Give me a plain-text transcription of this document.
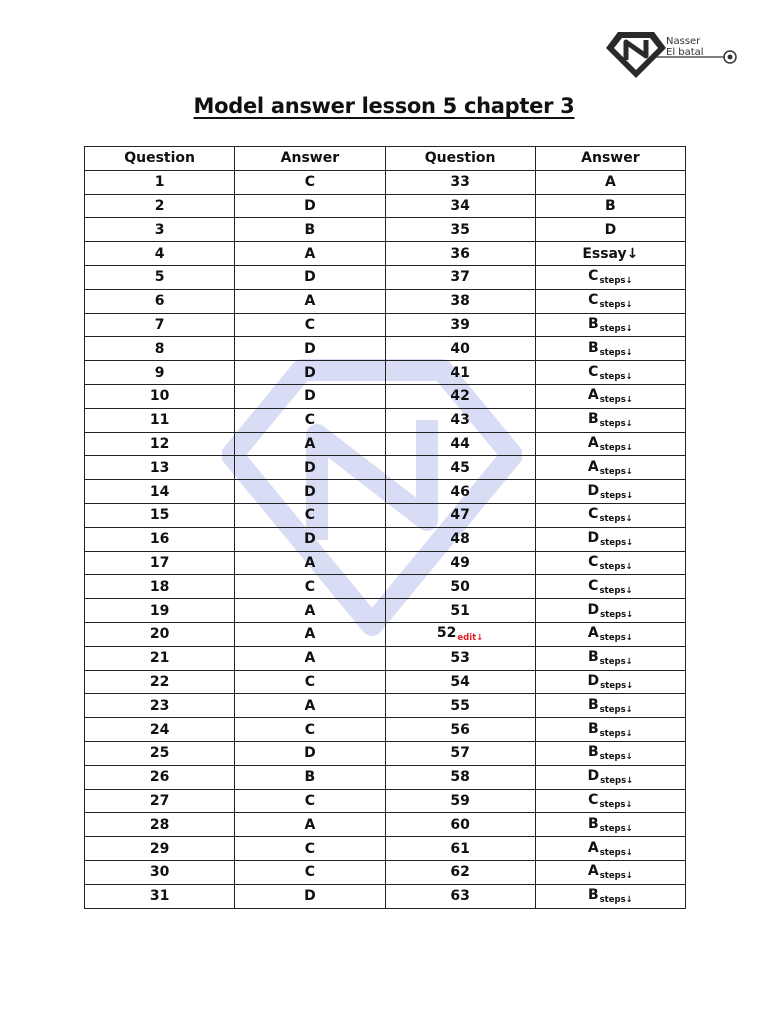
Nasser
El batal
Model answer lesson 5 chapter 3
Question	Answer	Question	Answer
1	C	33	A
2	D	34	B
3	B	35	D
4	A	36	Essay↓
5	D	37	$C_{steps↓}$
6	A	38	$C_{steps↓}$
7	C	39	$B_{steps↓}$
8	D	40	$B_{steps↓}$
9	D	41	$C_{steps↓}$
10	D	42	$A_{steps↓}$
11	C	43	$B_{steps↓}$
12	A	44	$A_{steps↓}$
13	D	45	$A_{steps↓}$
14	D	46	$D_{steps↓}$
15	C	47	$C_{steps↓}$
16	D	48	$D_{steps↓}$
17	A	49	$C_{steps↓}$
18	C	50	$C_{steps↓}$
19	A	51	$D_{steps↓}$
20	A	$52_{edit↓}$	$A_{steps↓}$
21	A	53	$B_{steps↓}$
22	C	54	$D_{steps↓}$
23	A	55	$B_{steps↓}$
24	C	56	$B_{steps↓}$
25	D	57	$B_{steps↓}$
26	B	58	$D_{steps↓}$
27	C	59	$C_{steps↓}$
28	A	60	$B_{steps↓}$
29	C	61	$A_{steps↓}$
30	C	62	$A_{steps↓}$
31	D	63	$B_{steps↓}$
